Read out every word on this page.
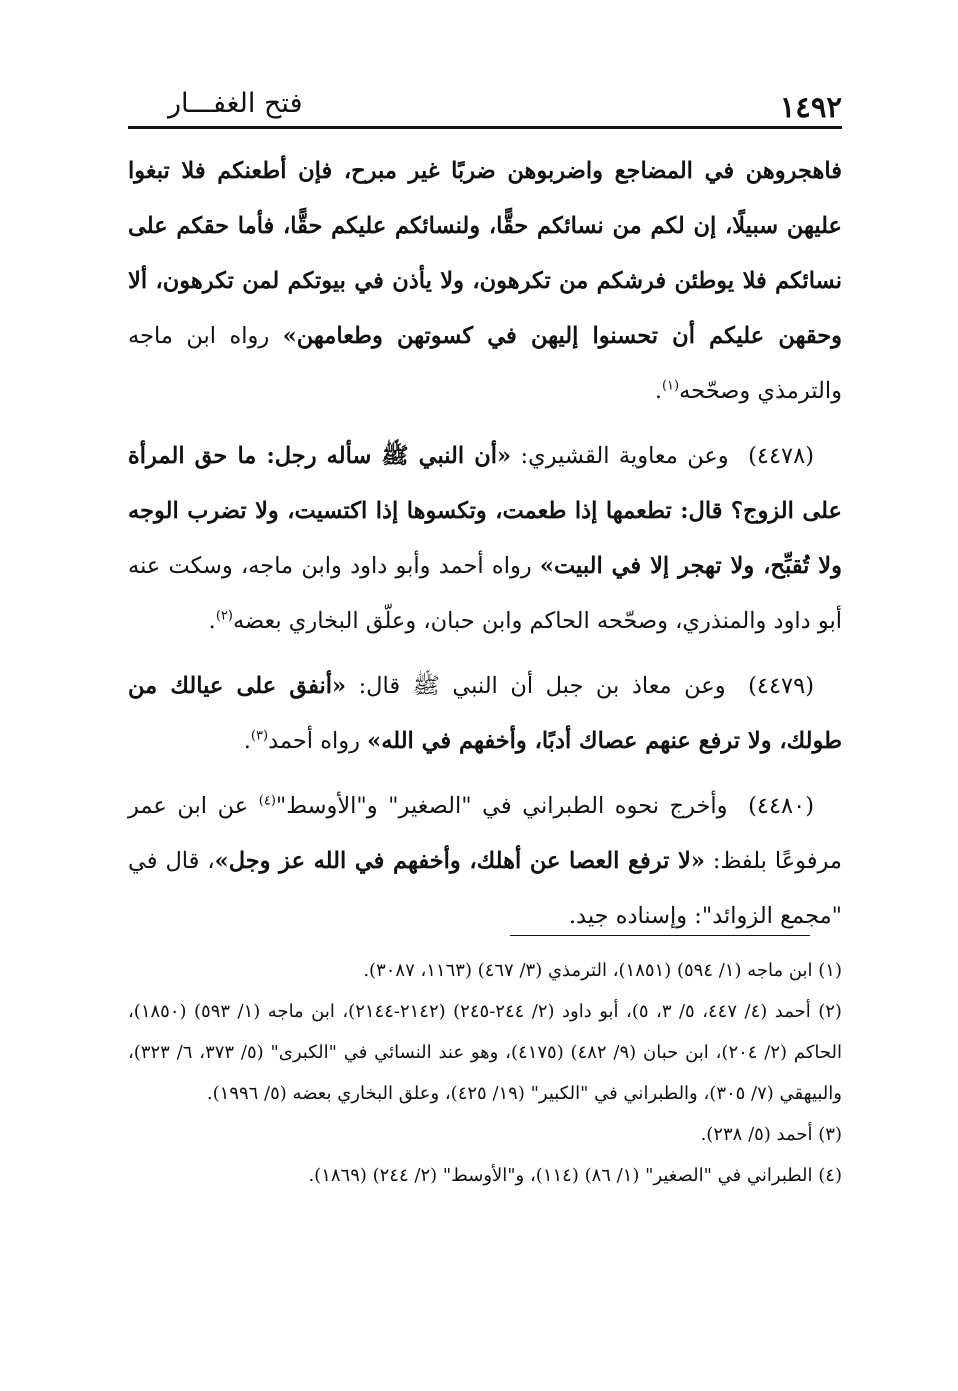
١٤٩٢
فتح الغفـــار

فاهجروهن في المضاجع واضربوهن ضربًا غير مبرح، فإن أطعنكم فلا تبغوا عليهن سبيلًا، إن لكم من نسائكم حقًّا، ولنسائكم عليكم حقًّا، فأما حقكم على نسائكم فلا يوطئن فرشكم من تكرهون، ولا يأذن في بيوتكم لمن تكرهون، ألا وحقهن عليكم أن تحسنوا إليهن في كسوتهن وطعامهن» رواه ابن ماجه والترمذي وصحّحه$^{(١)}$.

(٤٤٧٨) وعن معاوية القشيري: «أن النبي ﷺ سأله رجل: ما حق المرأة على الزوج؟ قال: تطعمها إذا طعمت، وتكسوها إذا اكتسيت، ولا تضرب الوجه ولا تُقبِّح، ولا تهجر إلا في البيت» رواه أحمد وأبو داود وابن ماجه، وسكت عنه أبو داود والمنذري، وصحّحه الحاكم وابن حبان، وعلّق البخاري بعضه$^{(٢)}$.

(٤٤٧٩) وعن معاذ بن جبل أن النبي ﷺ قال: «أنفق على عيالك من طولك، ولا ترفع عنهم عصاك أدبًا، وأخفهم في الله» رواه أحمد$^{(٣)}$.

(٤٤٨٠) وأخرج نحوه الطبراني في "الصغير" و"الأوسط"$^{(٤)}$ عن ابن عمر مرفوعًا بلفظ: «لا ترفع العصا عن أهلك، وأخفهم في الله عز وجل»، قال في "مجمع الزوائد": وإسناده جيد.

(١) ابن ماجه (١/ ٥٩٤) (١٨٥١)، الترمذي (٣/ ٤٦٧) (١١٦٣، ٣٠٨٧).

(٢) أحمد (٤/ ٤٤٧، ٥/ ٣، ٥)، أبو داود (٢/ ٢٤٤-٢٤٥) (٢١٤٢-٢١٤٤)، ابن ماجه (١/ ٥٩٣) (١٨٥٠)، الحاكم (٢/ ٢٠٤)، ابن حبان (٩/ ٤٨٢) (٤١٧٥)، وهو عند النسائي في "الكبرى" (٥/ ٣٧٣، ٦/ ٣٢٣)، والبيهقي (٧/ ٣٠٥)، والطبراني في "الكبير" (١٩/ ٤٢٥)، وعلق البخاري بعضه (٥/ ١٩٩٦).

(٣) أحمد (٥/ ٢٣٨).

(٤) الطبراني في "الصغير" (١/ ٨٦) (١١٤)، و"الأوسط" (٢/ ٢٤٤) (١٨٦٩).
